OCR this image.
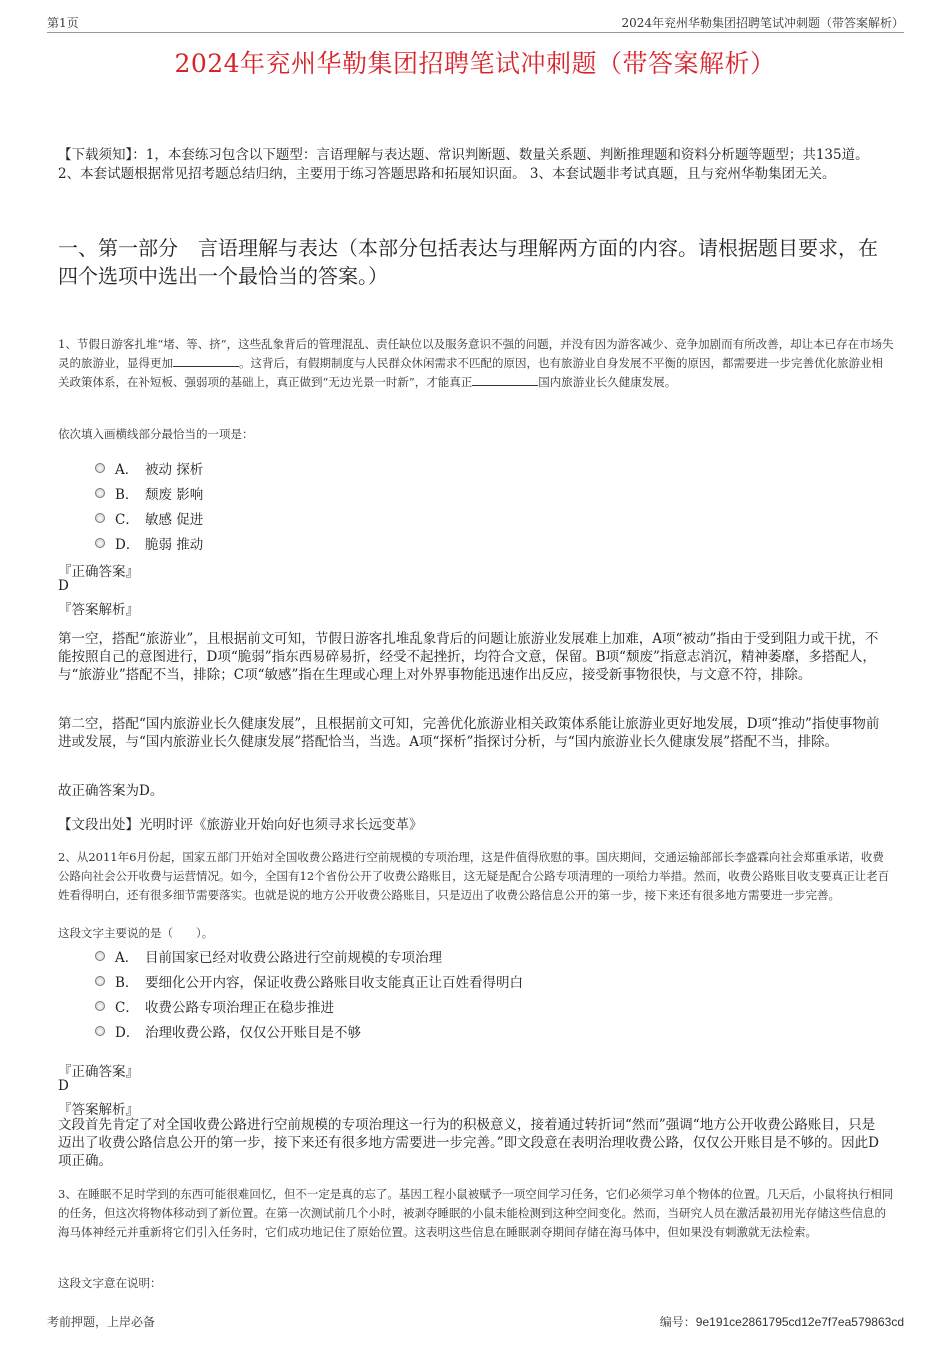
第1页	2024年兖州华勒集团招聘笔试冲刺题（带答案解析）
2024年兖州华勒集团招聘笔试冲刺题（带答案解析）
【下载须知】：1，本套练习包含以下题型：言语理解与表达题、常识判断题、数量关系题、判断推理题和资料分析题等题型；共135道。 2、本套试题根据常见招考题总结归纳，主要用于练习答题思路和拓展知识面。 3、本套试题非考试真题，且与兖州华勒集团无关。
一、第一部分　言语理解与表达（本部分包括表达与理解两方面的内容。请根据题目要求，在四个选项中选出一个最恰当的答案。）
1、节假日游客扎堆“堵、等、挤”，这些乱象背后的管理混乱、责任缺位以及服务意识不强的问题，并没有因为游客减少、竞争加剧而有所改善，却让本已存在市场失灵的旅游业，显得更加	。这背后，有假期制度与人民群众休闲需求不匹配的原因，也有旅游业自身发展不平衡的原因，都需要进一步完善优化旅游业相关政策体系，在补短板、强弱项的基础上，真正做到“无边光景一时新”，才能真正	国内旅游业长久健康发展。
依次填入画横线部分最恰当的一项是：
A． 被动 探析
B． 颓废 影响
C． 敏感 促进
D． 脆弱 推动
『正确答案』
D
『答案解析』
第一空，搭配“旅游业”，且根据前文可知，节假日游客扎堆乱象背后的问题让旅游业发展难上加难，A项“被动”指由于受到阻力或干扰，不能按照自己的意图进行，D项“脆弱”指东西易碎易折，经受不起挫折，均符合文意，保留。B项“颓废”指意志消沉，精神萎靡，多搭配人，与“旅游业”搭配不当，排除；C项“敏感”指在生理或心理上对外界事物能迅速作出反应，接受新事物很快，与文意不符，排除。
第二空，搭配“国内旅游业长久健康发展”，且根据前文可知，完善优化旅游业相关政策体系能让旅游业更好地发展，D项“推动”指使事物前进或发展，与“国内旅游业长久健康发展”搭配恰当，当选。A项“探析”指探讨分析，与“国内旅游业长久健康发展”搭配不当，排除。
故正确答案为D。
【文段出处】光明时评《旅游业开始向好也须寻求长远变革》
2、从2011年6月份起，国家五部门开始对全国收费公路进行空前规模的专项治理，这是件值得欣慰的事。国庆期间，交通运输部部长李盛霖向社会郑重承诺，收费公路向社会公开收费与运营情况。如今，全国有12个省份公开了收费公路账目，这无疑是配合公路专项清理的一项给力举措。然而，收费公路账目收支要真正让老百姓看得明白，还有很多细节需要落实。也就是说的地方公开收费公路账目，只是迈出了收费公路信息公开的第一步，接下来还有很多地方需要进一步完善。
这段文字主要说的是（　　）。
A． 目前国家已经对收费公路进行空前规模的专项治理
B． 要细化公开内容，保证收费公路账目收支能真正让百姓看得明白
C． 收费公路专项治理正在稳步推进
D． 治理收费公路，仅仅公开账目是不够
『正确答案』
D
『答案解析』
文段首先肯定了对全国收费公路进行空前规模的专项治理这一行为的积极意义，接着通过转折词“然而”强调“地方公开收费公路账目，只是迈出了收费公路信息公开的第一步，接下来还有很多地方需要进一步完善。”即文段意在表明治理收费公路，仅仅公开账目是不够的。因此D项正确。
3、在睡眠不足时学到的东西可能很难回忆，但不一定是真的忘了。基因工程小鼠被赋予一项空间学习任务，它们必须学习单个物体的位置。几天后，小鼠将执行相同的任务，但这次将物体移动到了新位置。在第一次测试前几个小时，被剥夺睡眠的小鼠未能检测到这种空间变化。然而，当研究人员在激活最初用光存储这些信息的海马体神经元并重新将它们引入任务时，它们成功地记住了原始位置。这表明这些信息在睡眠剥夺期间存储在海马体中，但如果没有刺激就无法检索。
这段文字意在说明：
考前押题，上岸必备	编号：9e191ce2861795cd12e7f7ea579863cd
